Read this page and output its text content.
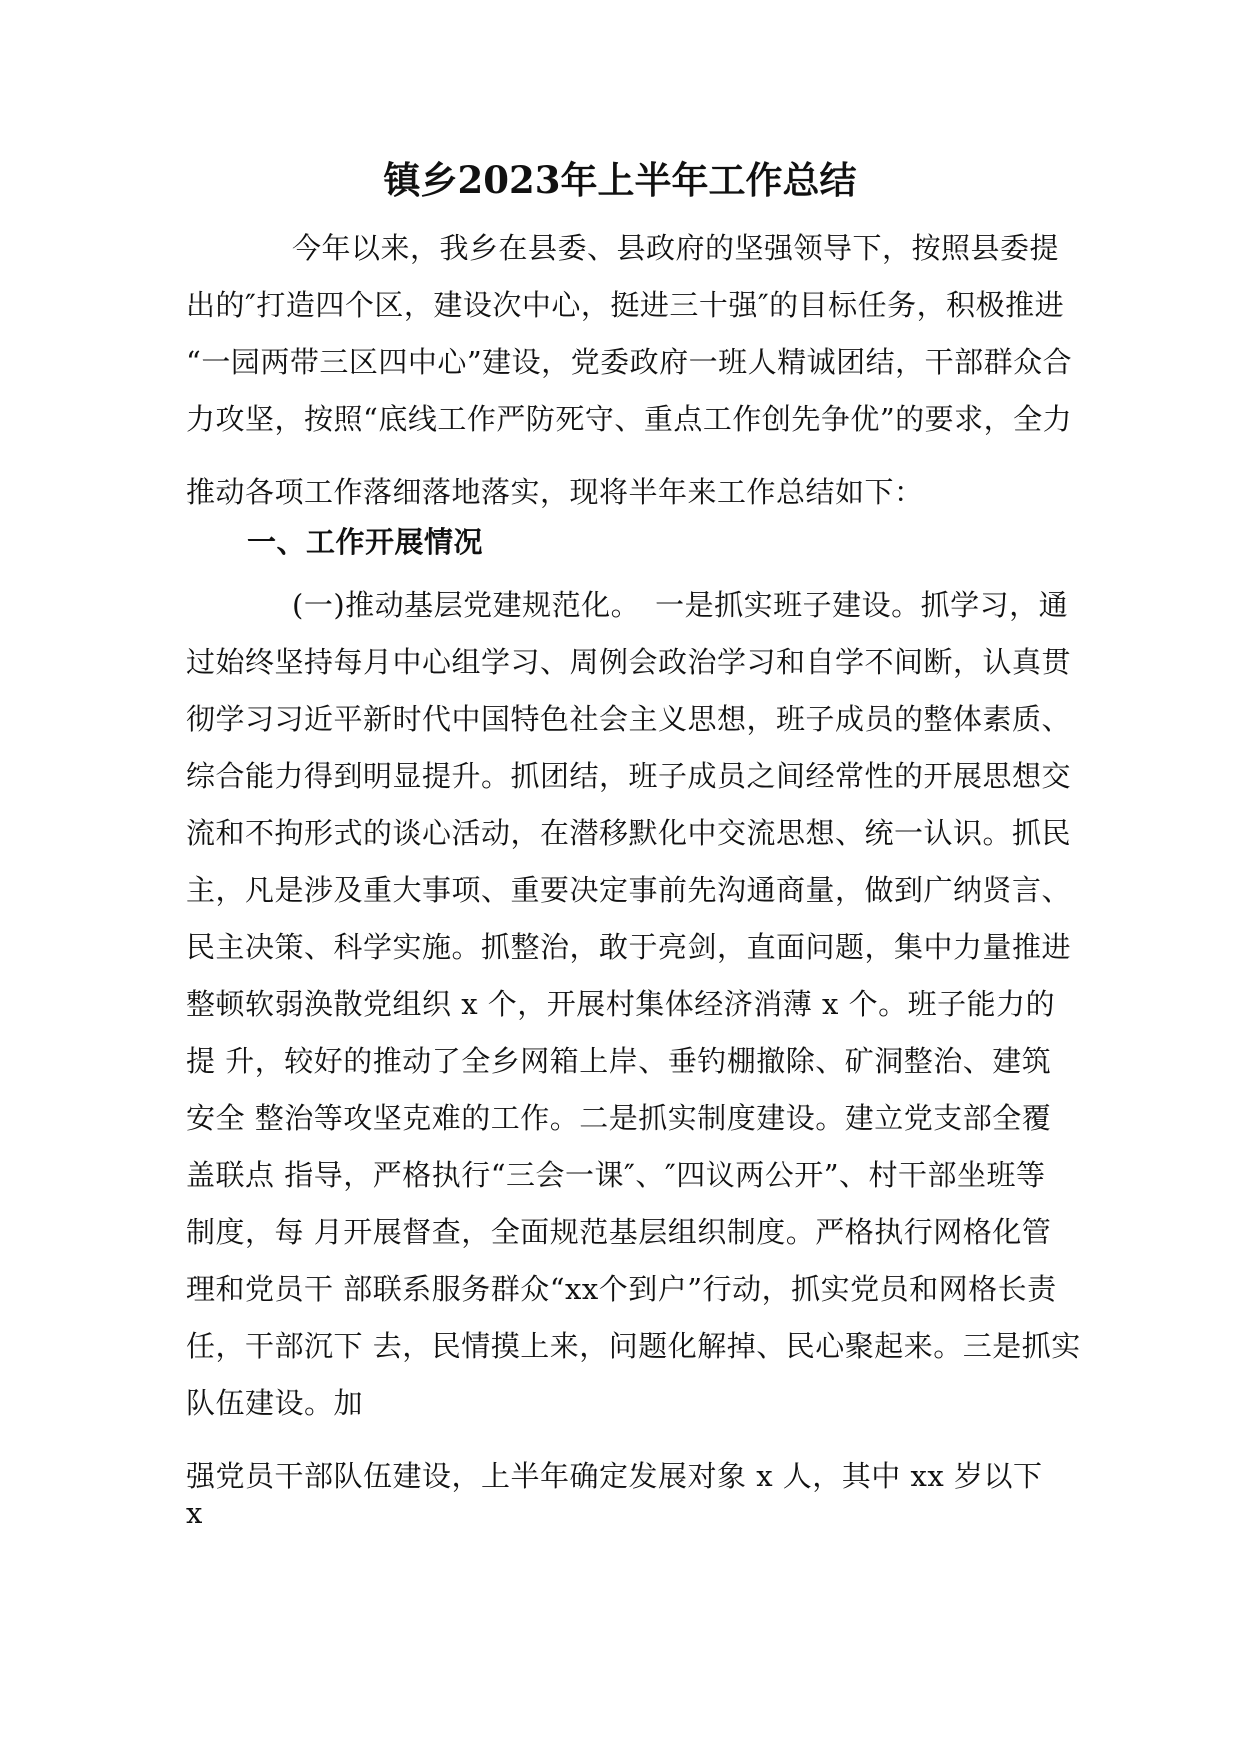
镇乡2023年上半年工作总结
今年以来，我乡在县委、县政府的坚强领导下，按照县委提
出的″打造四个区，建设次中心，挺进三十强″的目标任务，积极推进
“一园两带三区四中心”建设，党委政府一班人精诚团结，干部群众合
力攻坚，按照“底线工作严防死守、重点工作创先争优”的要求，全力
推动各项工作落细落地落实，现将半年来工作总结如下：
一、工作开展情况
(一)推动基层党建规范化。　一是抓实班子建设。抓学习，通
过始终坚持每月中心组学习、周例会政治学习和自学不间断，认真贯
彻学习习近平新时代中国特色社会主义思想，班子成员的整体素质、
综合能力得到明显提升。抓团结，班子成员之间经常性的开展思想交
流和不拘形式的谈心活动，在潜移默化中交流思想、统一认识。抓民
主，凡是涉及重大事项、重要决定事前先沟通商量，做到广纳贤言、
民主决策、科学实施。抓整治，敢于亮剑，直面问题，集中力量推进
整顿软弱涣散党组织 x 个，开展村集体经济消薄 x 个。班子能力的
提 升，较好的推动了全乡网箱上岸、垂钓棚撤除、矿洞整治、建筑
安全 整治等攻坚克难的工作。二是抓实制度建设。建立党支部全覆
盖联点 指导，严格执行“三会一课″、″四议两公开”、村干部坐班等
制度，每 月开展督查，全面规范基层组织制度。严格执行网格化管
理和党员干 部联系服务群众“xx个到户”行动，抓实党员和网格长责
任，干部沉下 去，民情摸上来，问题化解掉、民心聚起来。三是抓实
队伍建设。加
强党员干部队伍建设，上半年确定发展对象 x 人，其中 xx 岁以下
x
